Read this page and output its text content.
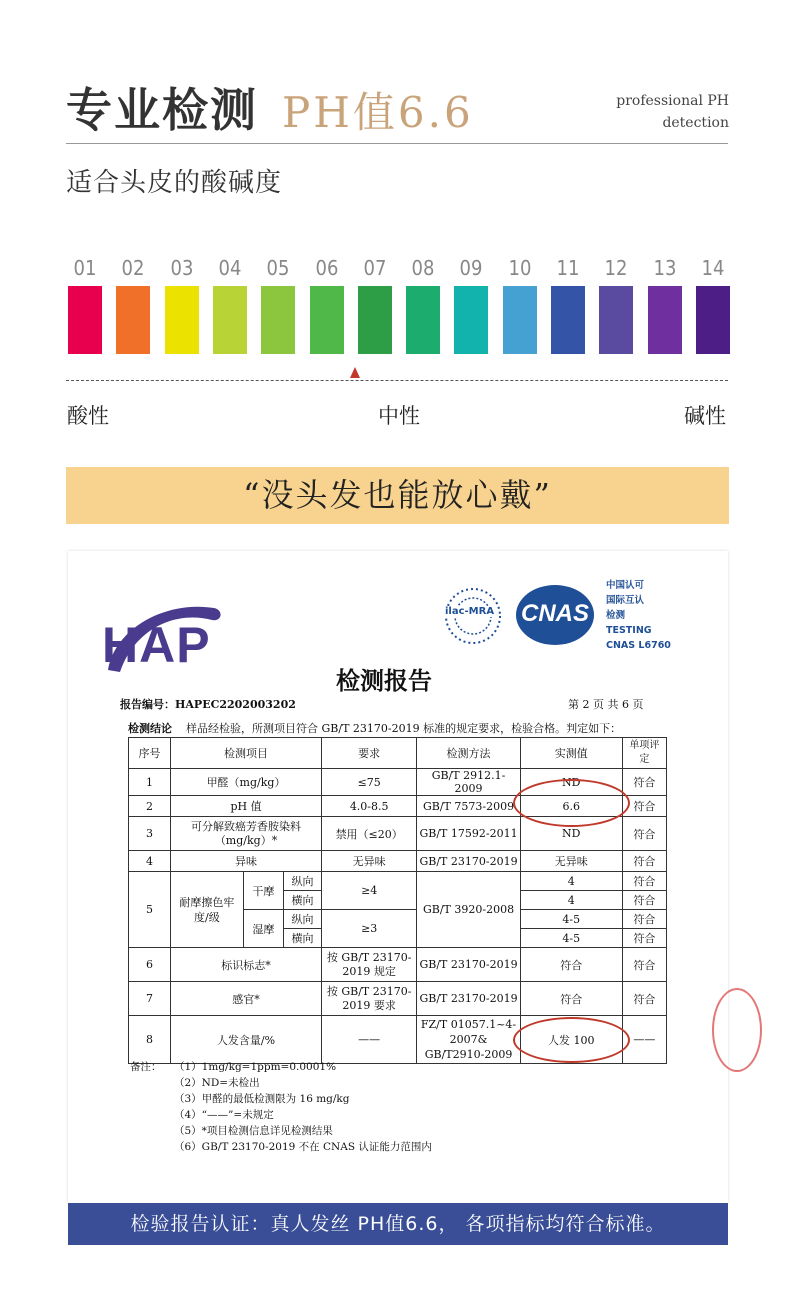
专业检测 PH值6.6	professional PH
detection
适合头皮的酸碱度
01 02 03 04 05 06 07 08 09 10 11 12 13 14
酸性	中性	碱性
“没头发也能放心戴”
HAP
ilac-MRA CNAS
中国认可
国际互认
检测
TESTING
CNAS L6760
检测报告
报告编号：HAPEC2202003202	第 2 页 共 6 页
检测结论 样品经检验，所测项目符合 GB/T 23170-2019 标准的规定要求，检验合格。判定如下：
序号	检测项目			要求	检测方法	实测值	单项评定
1	甲醛（mg/kg）			≤75	GB/T 2912.1-2009	ND	符合
2	pH 值			4.0-8.5	GB/T 7573-2009	6.6	符合
3	可分解致癌芳香胺染料（mg/kg）*			禁用（≤20）	GB/T 17592-2011	ND	符合
4	异味			无异味	GB/T 23170-2019	无异味	符合
5	耐摩擦色牢度/级	干摩	纵向	≥4	GB/T 3920-2008	4	符合
			横向			4	符合
		湿摩	纵向	≥3		4-5	符合
			横向			4-5	符合
6	标识标志*			按 GB/T 23170-2019 规定	GB/T 23170-2019	符合	符合
7	感官*			按 GB/T 23170-2019 要求	GB/T 23170-2019	符合	符合
8	人发含量/%			——	FZ/T 01057.1~4-2007& GB/T2910-2009	人发 100	——
备注： （1）1mg/kg=1ppm=0.0001%
（2）ND=未检出
（3）甲醛的最低检测限为 16 mg/kg
（4）“——”=未规定
（5）*项目检测信息详见检测结果
（6）GB/T 23170-2019 不在 CNAS 认证能力范围内
检验报告认证：真人发丝 PH值6.6， 各项指标均符合标准。
